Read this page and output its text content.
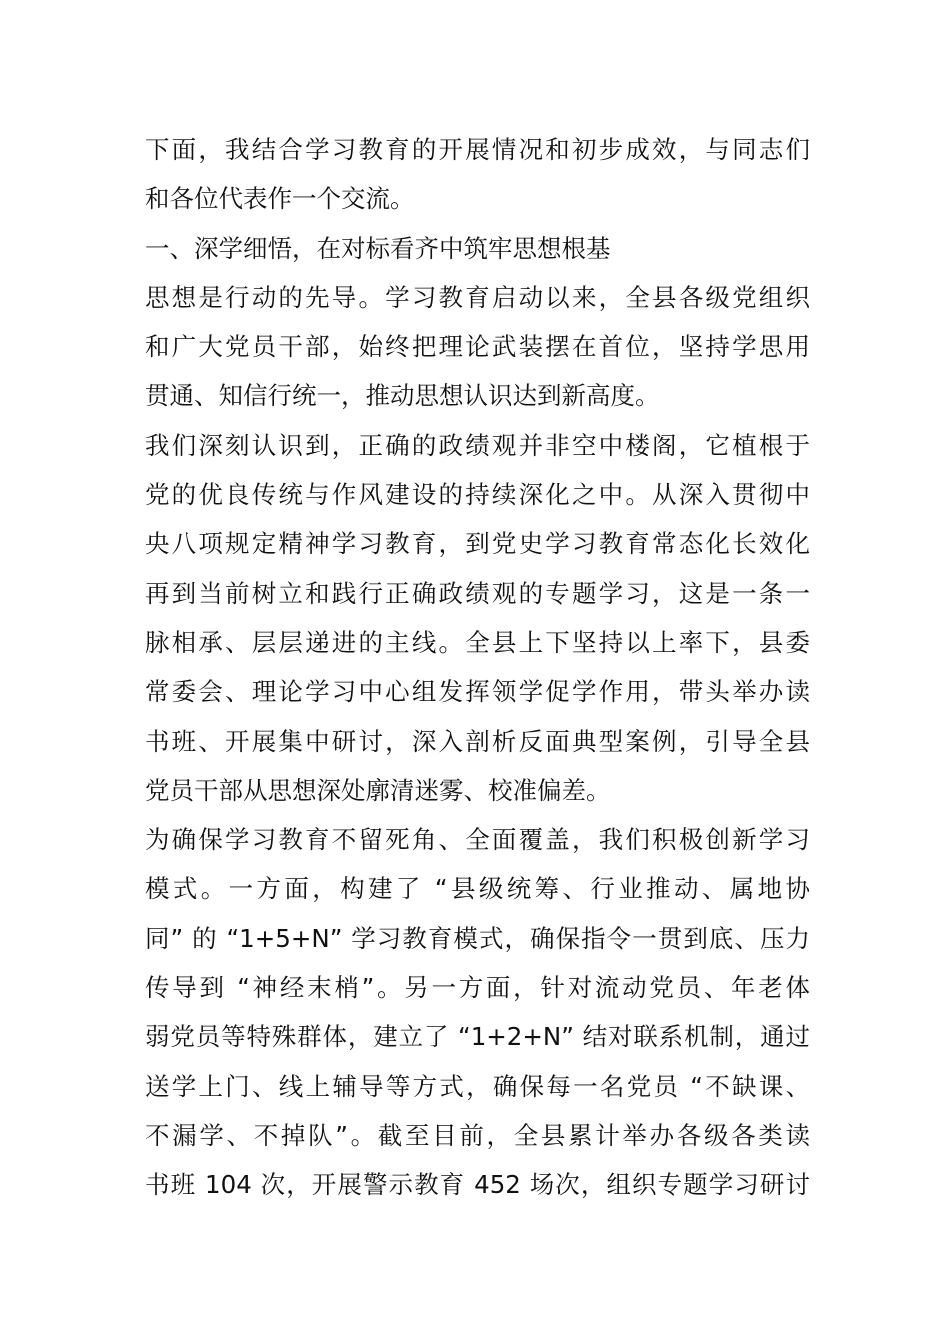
下面，我结合学习教育的开展情况和初步成效，与同志们
和各位代表作一个交流。
一、深学细悟，在对标看齐中筑牢思想根基
思想是行动的先导。学习教育启动以来，全县各级党组织
和广大党员干部，始终把理论武装摆在首位，坚持学思用
贯通、知信行统一，推动思想认识达到新高度。
我们深刻认识到，正确的政绩观并非空中楼阁，它植根于
党的优良传统与作风建设的持续深化之中。从深入贯彻中
央八项规定精神学习教育，到党史学习教育常态化长效化
再到当前树立和践行正确政绩观的专题学习，这是一条一
脉相承、层层递进的主线。全县上下坚持以上率下，县委
常委会、理论学习中心组发挥领学促学作用，带头举办读
书班、开展集中研讨，深入剖析反面典型案例，引导全县
党员干部从思想深处廓清迷雾、校准偏差。
为确保学习教育不留死角、全面覆盖，我们积极创新学习
模式。一方面，构建了 “县级统筹、行业推动、属地协
同” 的 “1+5+N” 学习教育模式，确保指令一贯到底、压力
传导到 “神经末梢”。另一方面，针对流动党员、年老体
弱党员等特殊群体，建立了 “1+2+N” 结对联系机制，通过
送学上门、线上辅导等方式，确保每一名党员 “不缺课、
不漏学、不掉队”。截至目前，全县累计举办各级各类读
书班 104 次，开展警示教育 452 场次，组织专题学习研讨
